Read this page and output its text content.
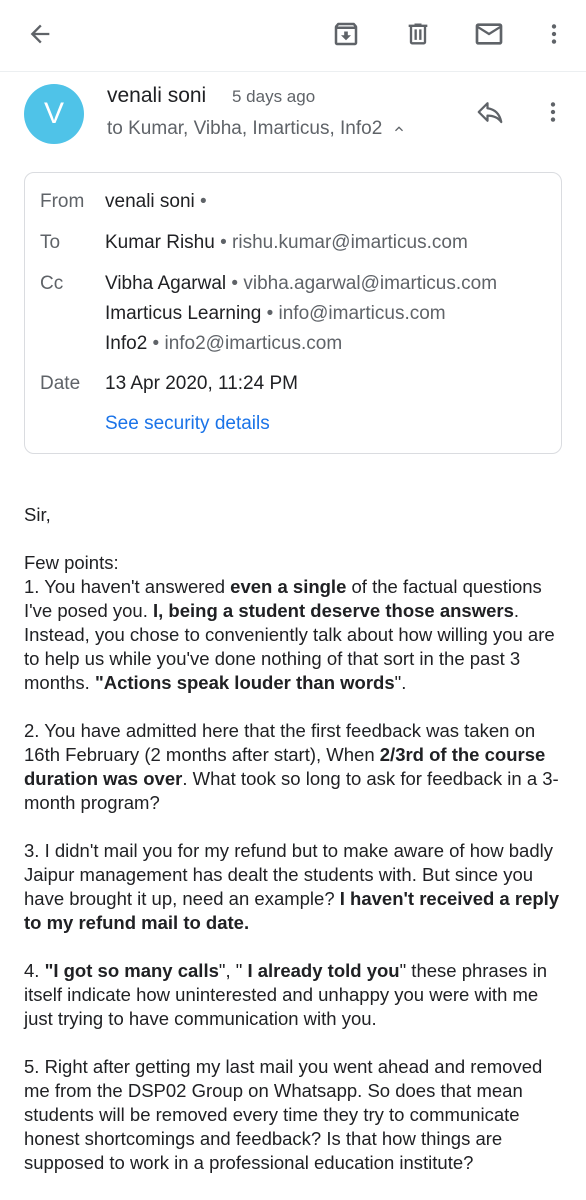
V
venali soni 5 days ago
to Kumar, Vibha, Imarticus, Info2
From venali soni •
To Kumar Rishu • rishu.kumar@imarticus.com
Cc Vibha Agarwal • vibha.agarwal@imarticus.com
Imarticus Learning • info@imarticus.com
Info2 • info2@imarticus.com
Date 13 Apr 2020, 11:24 PM
See security details

Sir,

Few points:

1. You haven't answered even a single of the factual questions I've posed you. I, being a student deserve those answers. Instead, you chose to conveniently talk about how willing you are to help us while you've done nothing of that sort in the past 3 months. "Actions speak louder than words".

2. You have admitted here that the first feedback was taken on 16th February (2 months after start), When 2/3rd of the course duration was over. What took so long to ask for feedback in a 3-month program?

3. I didn't mail you for my refund but to make aware of how badly Jaipur management has dealt the students with. But since you have brought it up, need an example? I haven't received a reply to my refund mail to date.

4. "I got so many calls", " I already told you" these phrases in itself indicate how uninterested and unhappy you were with me just trying to have communication with you.

5. Right after getting my last mail you went ahead and removed me from the DSP02 Group on Whatsapp. So does that mean students will be removed every time they try to communicate honest shortcomings and feedback? Is that how things are supposed to work in a professional education institute?
